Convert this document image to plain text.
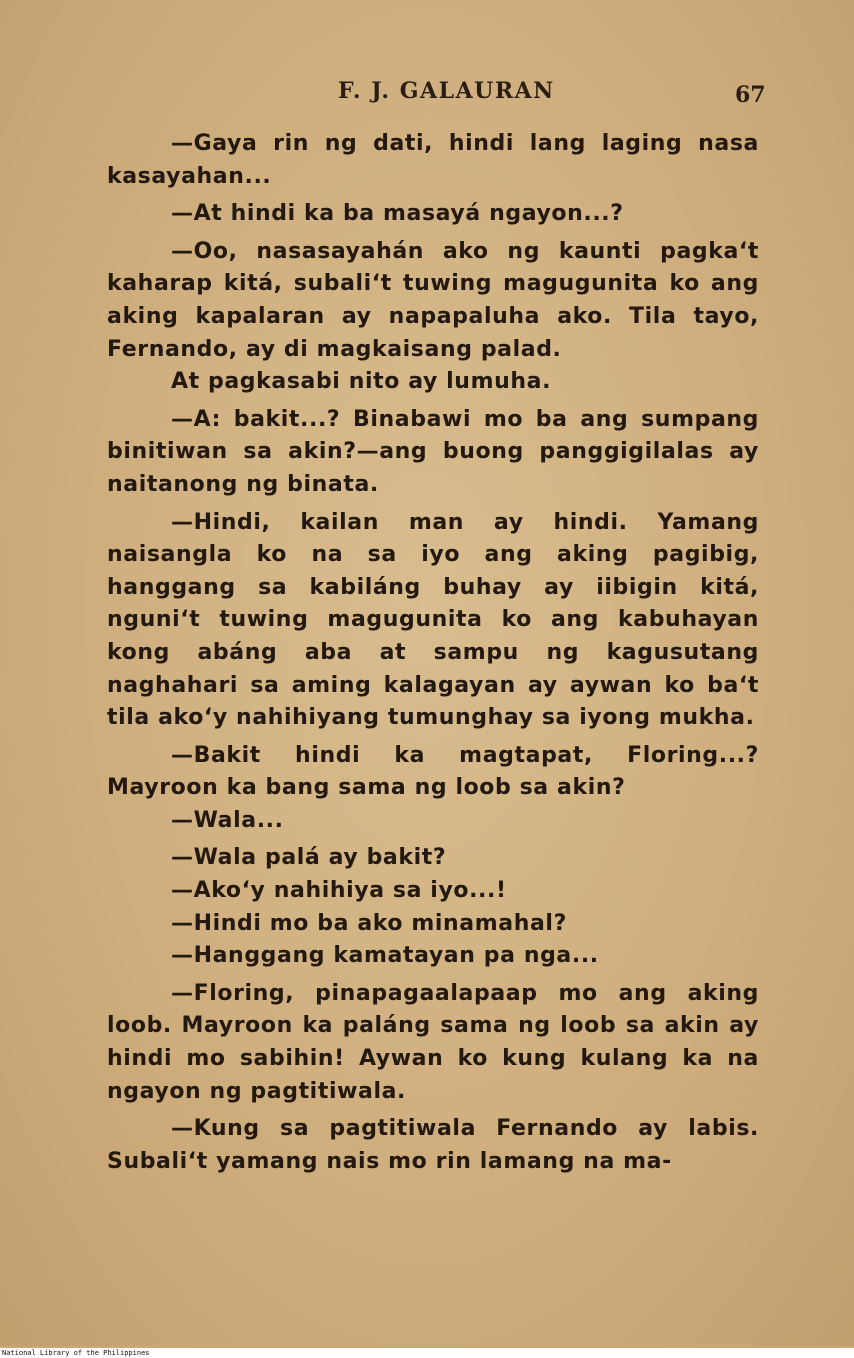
F. J. GALAURAN	67

—Gaya rin ng dati, hindi lang laging nasa kasayahan...

—At hindi ka ba masayá ngayon...?

—Oo, nasasayahán ako ng kaunti pagka‘t kaharap kitá, subali‘t tuwing magugunita ko ang aking kapalaran ay napapaluha ako. Tila tayo, Fernando, ay di magkaisang palad.

At pagkasabi nito ay lumuha.

—A: bakit...? Binabawi mo ba ang sumpang binitiwan sa akin?—ang buong panggigilalas ay naitanong ng binata.

—Hindi, kailan man ay hindi. Yamang naisangla ko na sa iyo ang aking pagibig, hanggang sa kabiláng buhay ay iibigin kitá, nguni‘t tuwing magugunita ko ang kabuhayan kong abáng aba at sampu ng kagusutang naghahari sa aming kalagayan ay aywan ko ba‘t tila ako‘y nahihiyang tumunghay sa iyong mukha.

—Bakit hindi ka magtapat, Floring...? Mayroon ka bang sama ng loob sa akin?

—Wala...

—Wala palá ay bakit?

—Ako‘y nahihiya sa iyo...!

—Hindi mo ba ako minamahal?

—Hanggang kamatayan pa nga...

—Floring, pinapagaalapaap mo ang aking loob. Mayroon ka paláng sama ng loob sa akin ay hindi mo sabihin! Aywan ko kung kulang ka na ngayon ng pagtitiwala.

—Kung sa pagtitiwala Fernando ay labis. Subali‘t yamang nais mo rin lamang na ma-

National Library of the Philippines
